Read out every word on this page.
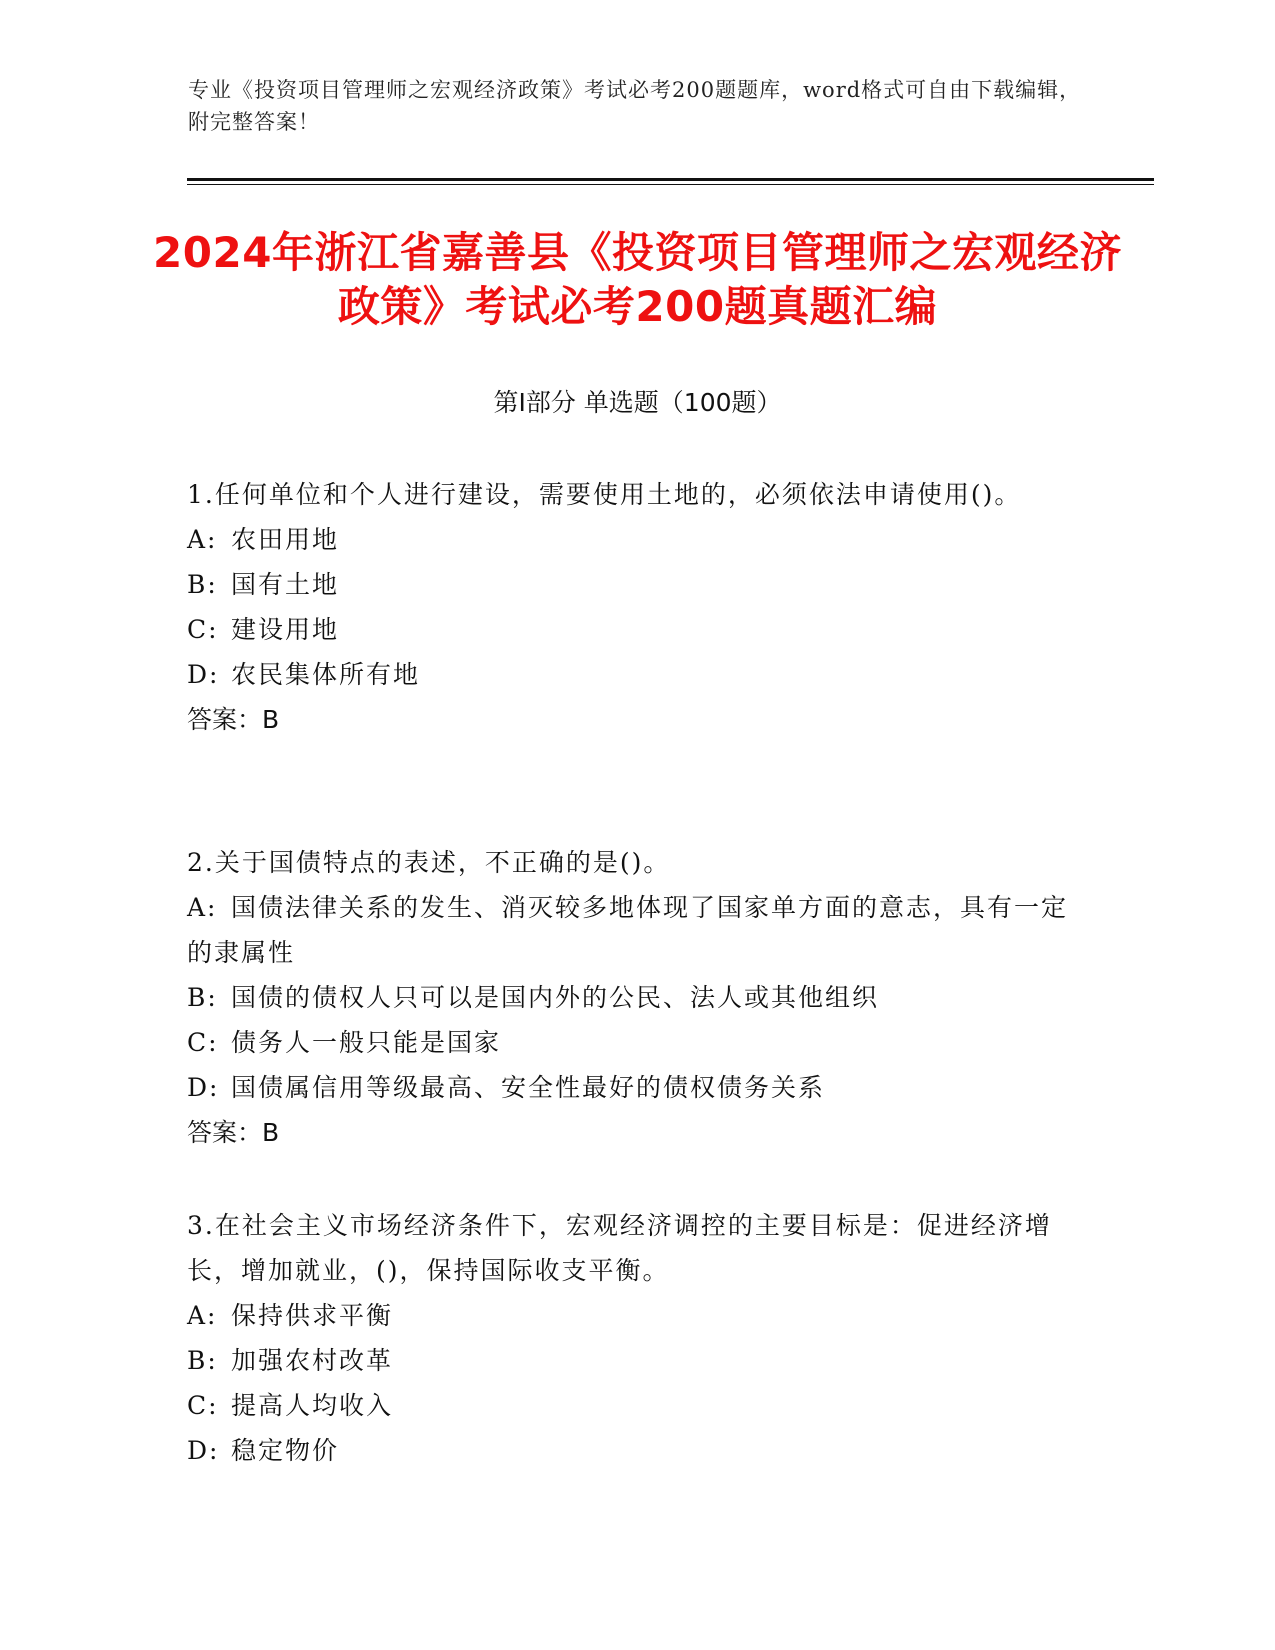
专业《投资项目管理师之宏观经济政策》考试必考200题题库，word格式可自由下载编辑，附完整答案！
2024年浙江省嘉善县《投资项目管理师之宏观经济政策》考试必考200题真题汇编
第Ⅰ部分 单选题（100题）

1.任何单位和个人进行建设，需要使用土地的，必须依法申请使用()。

A: 农田用地

B: 国有土地

C: 建设用地

D: 农民集体所有地

答案：B

2.关于国债特点的表述，不正确的是()。

A: 国债法律关系的发生、消灭较多地体现了国家单方面的意志，具有一定的隶属性

B: 国债的债权人只可以是国内外的公民、法人或其他组织

C: 债务人一般只能是国家

D: 国债属信用等级最高、安全性最好的债权债务关系

答案：B

3.在社会主义市场经济条件下，宏观经济调控的主要目标是：促进经济增长，增加就业，()，保持国际收支平衡。

A: 保持供求平衡

B: 加强农村改革

C: 提高人均收入

D: 稳定物价
